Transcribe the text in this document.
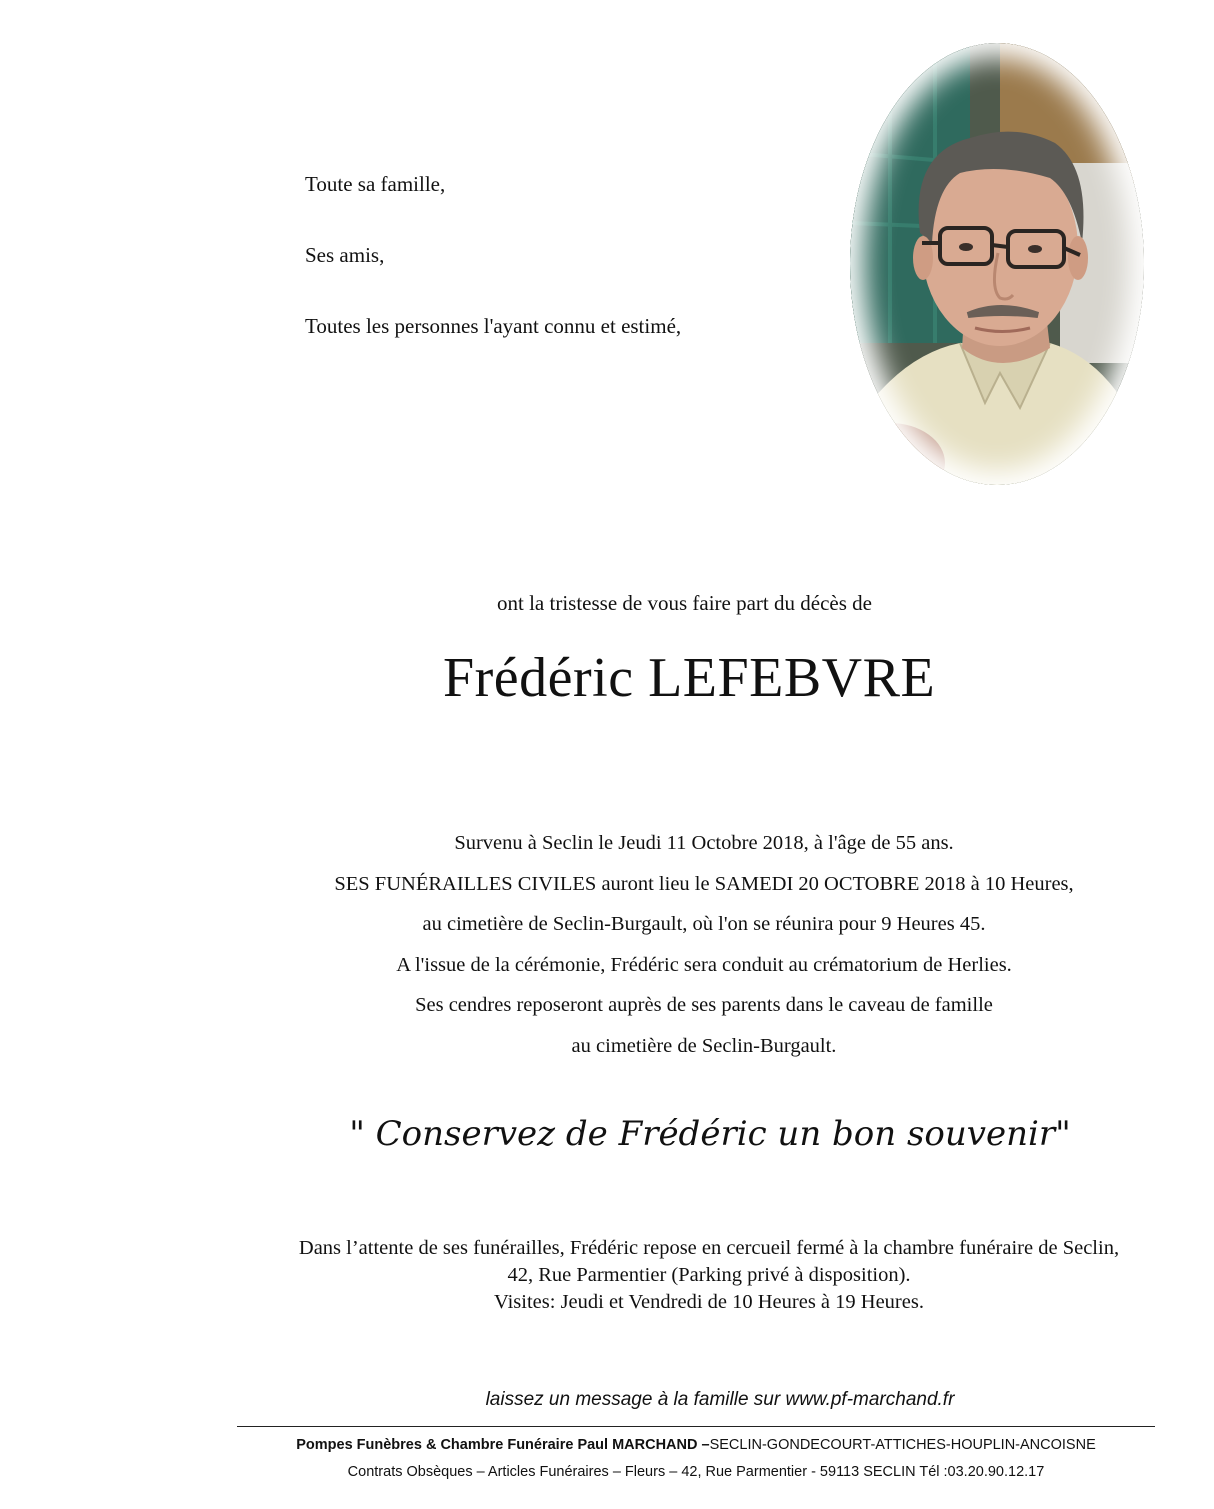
Toute sa famille,
Ses amis,
Toutes les personnes l'ayant connu et estimé,
ont la tristesse de vous faire part du décès de
Frédéric LEFEBVRE
Survenu à Seclin le Jeudi 11 Octobre 2018, à l'âge de 55 ans.
SES FUNÉRAILLES CIVILES auront lieu le SAMEDI 20 OCTOBRE 2018 à 10 Heures,
au cimetière de Seclin-Burgault, où l'on se réunira pour 9 Heures 45.
A l'issue de la cérémonie, Frédéric sera conduit au crématorium de Herlies.
Ses cendres reposeront auprès de ses parents dans le caveau de famille
au cimetière de Seclin-Burgault.
" Conservez de Frédéric un bon souvenir"
Dans l’attente de ses funérailles, Frédéric repose en cercueil fermé à la chambre funéraire de Seclin,
42, Rue Parmentier (Parking privé à disposition).
Visites: Jeudi et Vendredi de 10 Heures à 19 Heures.
laissez un message à la famille sur www.pf-marchand.fr
Pompes Funèbres & Chambre Funéraire Paul MARCHAND –SECLIN-GONDECOURT-ATTICHES-HOUPLIN-ANCOISNE
Contrats Obsèques – Articles Funéraires – Fleurs – 42, Rue Parmentier - 59113 SECLIN Tél :03.20.90.12.17
